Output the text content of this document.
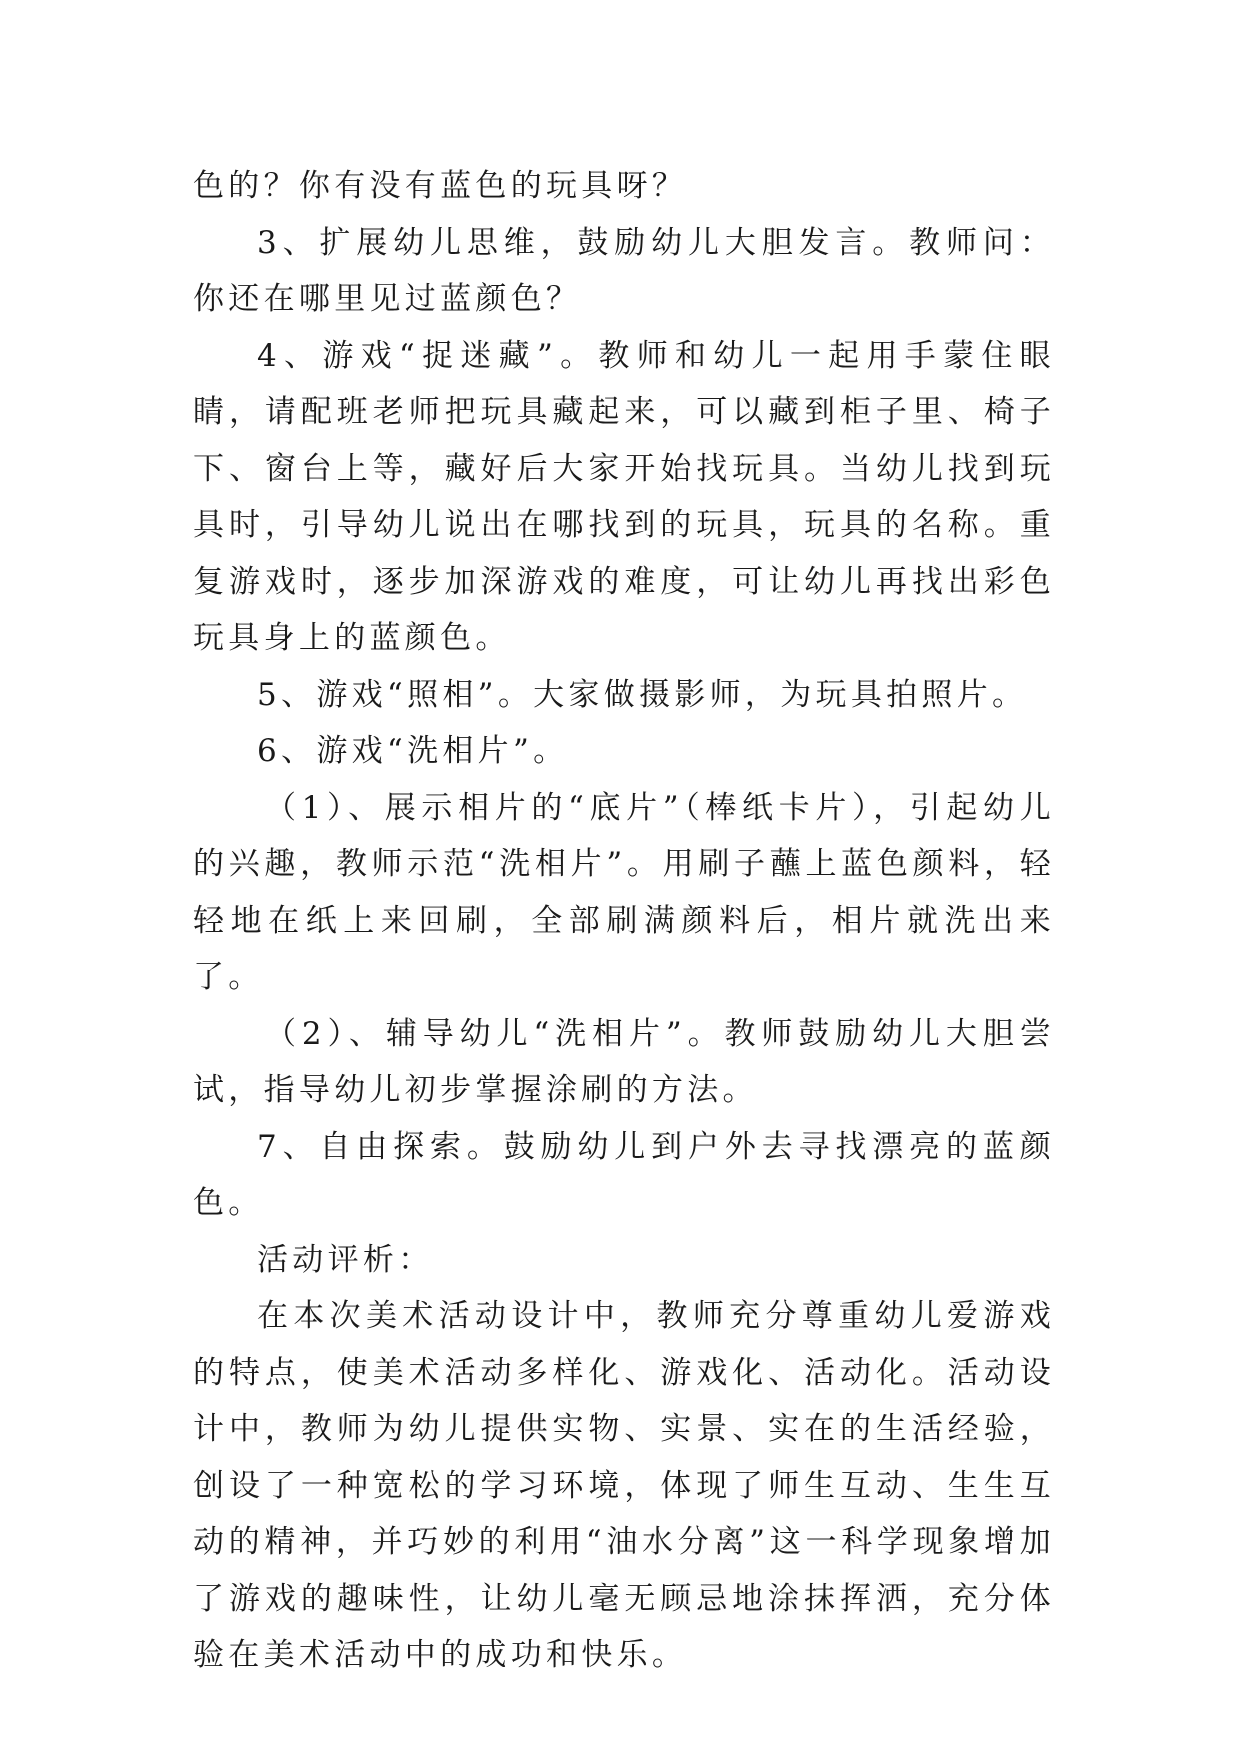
色的？你有没有蓝色的玩具呀？

3、扩展幼儿思维，鼓励幼儿大胆发言。教师问：你还在哪里见过蓝颜色？

4、游戏“捉迷藏”。教师和幼儿一起用手蒙住眼睛，请配班老师把玩具藏起来，可以藏到柜子里、椅子下、窗台上等，藏好后大家开始找玩具。当幼儿找到玩具时，引导幼儿说出在哪找到的玩具，玩具的名称。重复游戏时，逐步加深游戏的难度，可让幼儿再找出彩色玩具身上的蓝颜色。

5、游戏“照相”。大家做摄影师，为玩具拍照片。

6、游戏“洗相片”。

（1）、展示相片的“底片”（棒纸卡片），引起幼儿的兴趣，教师示范“洗相片”。用刷子蘸上蓝色颜料，轻轻地在纸上来回刷，全部刷满颜料后，相片就洗出来了。

（2）、辅导幼儿“洗相片”。教师鼓励幼儿大胆尝试，指导幼儿初步掌握涂刷的方法。

7、自由探索。鼓励幼儿到户外去寻找漂亮的蓝颜色。

活动评析：

在本次美术活动设计中，教师充分尊重幼儿爱游戏的特点，使美术活动多样化、游戏化、活动化。活动设计中，教师为幼儿提供实物、实景、实在的生活经验，创设了一种宽松的学习环境，体现了师生互动、生生互动的精神，并巧妙的利用“油水分离”这一科学现象增加了游戏的趣味性，让幼儿毫无顾忌地涂抹挥洒，充分体验在美术活动中的成功和快乐。
